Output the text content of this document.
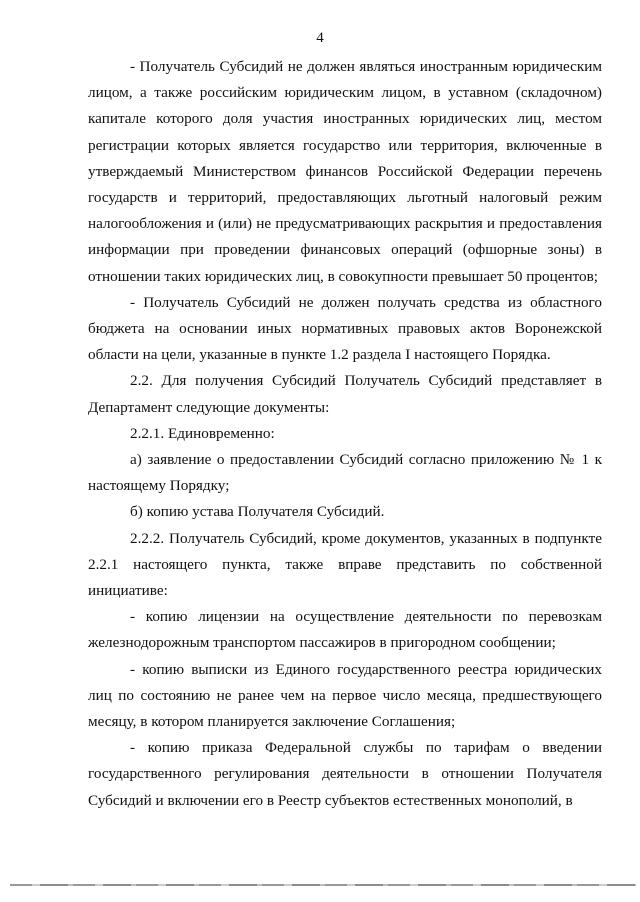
4

- Получатель Субсидий не должен являться иностранным юридическим лицом, а также российским юридическим лицом, в уставном (складочном) капитале которого доля участия иностранных юридических лиц, местом регистрации которых является государство или территория, включенные в утверждаемый Министерством финансов Российской Федерации перечень государств и территорий, предоставляющих льготный налоговый режим налогообложения и (или) не предусматривающих раскрытия и предоставления информации при проведении финансовых операций (офшорные зоны) в отношении таких юридических лиц, в совокупности превышает 50 процентов;

- Получатель Субсидий не должен получать средства из областного бюджета на основании иных нормативных правовых актов Воронежской области на цели, указанные в пункте 1.2 раздела I настоящего Порядка.

2.2. Для получения Субсидий Получатель Субсидий представляет в Департамент следующие документы:

2.2.1. Единовременно:

а) заявление о предоставлении Субсидий согласно приложению № 1 к настоящему Порядку;

б) копию устава Получателя Субсидий.

2.2.2. Получатель Субсидий, кроме документов, указанных в подпункте 2.2.1 настоящего пункта, также вправе представить по собственной инициативе:

- копию лицензии на осуществление деятельности по перевозкам железнодорожным транспортом пассажиров в пригородном сообщении;

- копию выписки из Единого государственного реестра юридических лиц по состоянию не ранее чем на первое число месяца, предшествующего месяцу, в котором планируется заключение Соглашения;

- копию приказа Федеральной службы по тарифам о введении государственного регулирования деятельности в отношении Получателя Субсидий и включении его в Реестр субъектов естественных монополий, в
